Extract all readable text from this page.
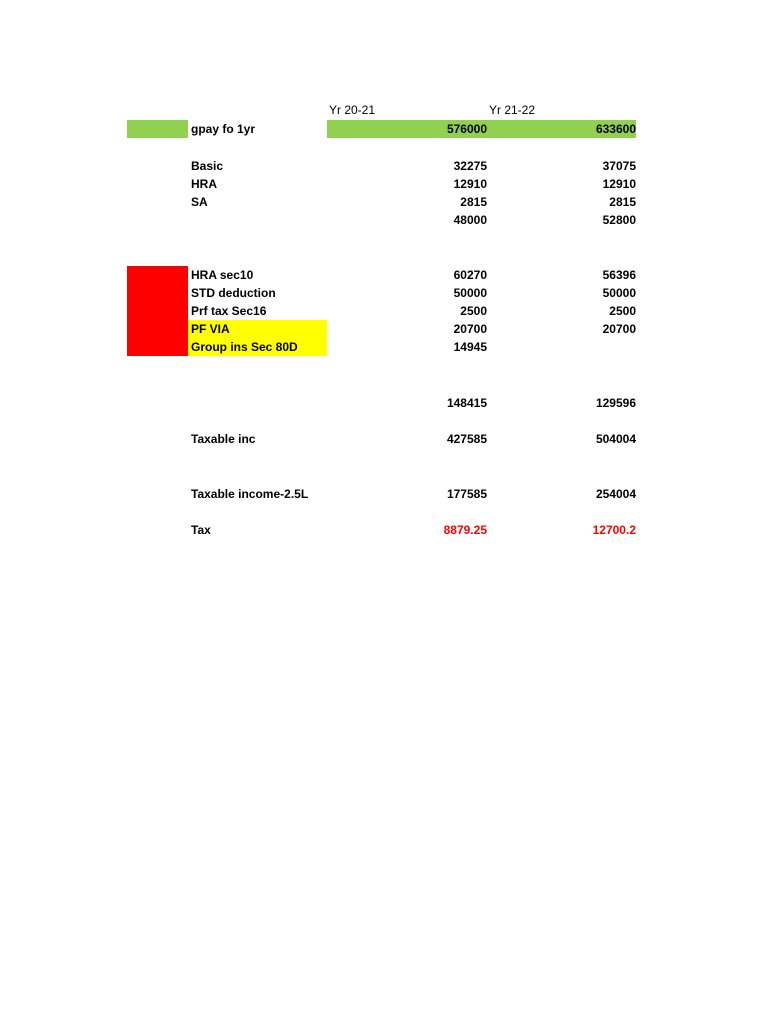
Yr 20-21	Yr 21-22
gpay fo 1yr	576000	633600
Basic	32275	37075
HRA	12910	12910
SA	2815	2815
48000	52800
HRA sec10	60270	56396
STD deduction	50000	50000
Prf tax Sec16	2500	2500
PF VIA	20700	20700
Group ins Sec 80D	14945
148415	129596
Taxable inc	427585	504004
Taxable income-2.5L	177585	254004
Tax	8879.25	12700.2
